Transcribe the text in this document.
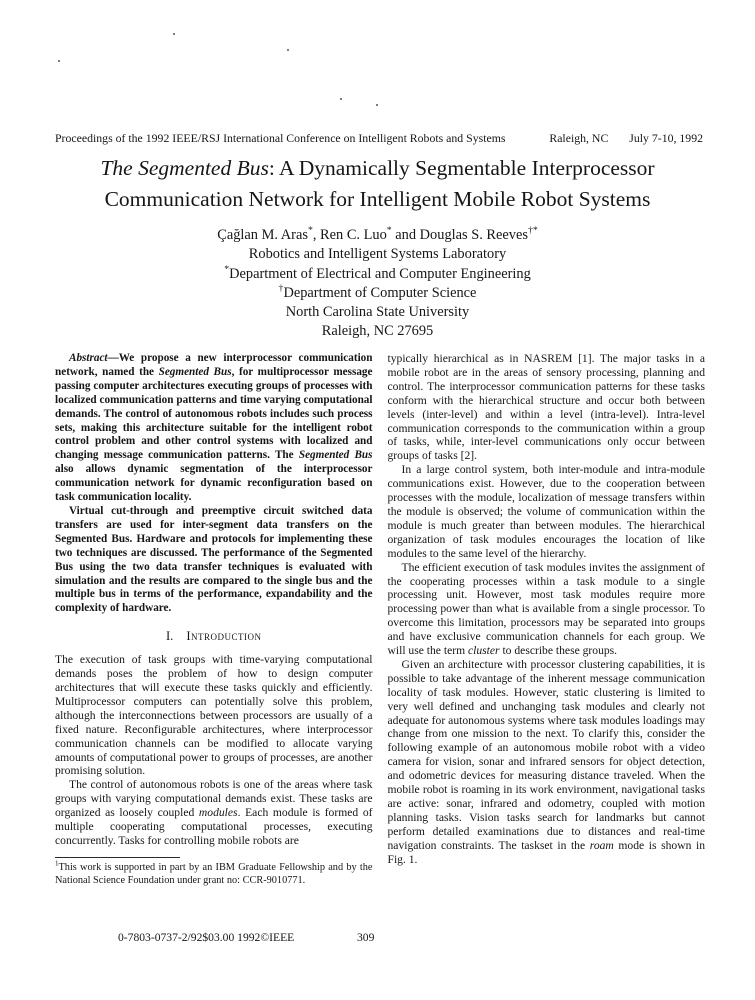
Proceedings of the 1992 IEEE/RSJ International Conference on Intelligent Robots and Systems	Raleigh, NC July 7-10, 1992
The Segmented Bus: A Dynamically Segmentable Interprocessor
Communication Network for Intelligent Mobile Robot Systems
Çağlan M. Aras*, Ren C. Luo* and Douglas S. Reeves†*
Robotics and Intelligent Systems Laboratory
*Department of Electrical and Computer Engineering
†Department of Computer Science
North Carolina State University
Raleigh, NC 27695

Abstract—We propose a new interprocessor communication network, named the Segmented Bus, for multiprocessor message passing computer architectures executing groups of processes with localized communication patterns and time varying computational demands. The control of autonomous robots includes such process sets, making this architecture suitable for the intelligent robot control problem and other control systems with localized and changing message communication patterns. The Segmented Bus also allows dynamic segmentation of the interprocessor communication network for dynamic reconfiguration based on task communication locality.

Virtual cut-through and preemptive circuit switched data transfers are used for inter-segment data transfers on the Segmented Bus. Hardware and protocols for implementing these two techniques are discussed. The performance of the Segmented Bus using the two data transfer techniques is evaluated with simulation and the results are compared to the single bus and the multiple bus in terms of the performance, expandability and the complexity of hardware.

I. Introduction

The execution of task groups with time-varying computational demands poses the problem of how to design computer architectures that will execute these tasks quickly and efficiently. Multiprocessor computers can potentially solve this problem, although the interconnections between processors are usually of a fixed nature. Reconfigurable architectures, where interprocessor communication channels can be modified to allocate varying amounts of computational power to groups of processes, are another promising solution.

The control of autonomous robots is one of the areas where task groups with varying computational demands exist. These tasks are organized as loosely coupled modules. Each module is formed of multiple cooperating computational processes, executing concurrently. Tasks for controlling mobile robots are

$^1$This work is supported in part by an IBM Graduate Fellowship and by the National Science Foundation under grant no: CCR-9010771.

typically hierarchical as in NASREM [1]. The major tasks in a mobile robot are in the areas of sensory processing, planning and control. The interprocessor communication patterns for these tasks conform with the hierarchical structure and occur both between levels (inter-level) and within a level (intra-level). Intra-level communication corresponds to the communication within a group of tasks, while, inter-level communications only occur between groups of tasks [2].

In a large control system, both inter-module and intra-module communications exist. However, due to the cooperation between processes with the module, localization of message transfers within the module is observed; the volume of communication within the module is much greater than between modules. The hierarchical organization of task modules encourages the location of like modules to the same level of the hierarchy.

The efficient execution of task modules invites the assignment of the cooperating processes within a task module to a single processing unit. However, most task modules require more processing power than what is available from a single processor. To overcome this limitation, processors may be separated into groups and have exclusive communication channels for each group. We will use the term cluster to describe these groups.

Given an architecture with processor clustering capabilities, it is possible to take advantage of the inherent message communication locality of task modules. However, static clustering is limited to very well defined and unchanging task modules and clearly not adequate for autonomous systems where task modules loadings may change from one mission to the next. To clarify this, consider the following example of an autonomous mobile robot with a video camera for vision, sonar and infrared sensors for object detection, and odometric devices for measuring distance traveled. When the mobile robot is roaming in its work environment, navigational tasks are active: sonar, infrared and odometry, coupled with motion planning tasks. Vision tasks search for landmarks but cannot perform detailed examinations due to distances and real-time navigation constraints. The taskset in the roam mode is shown in Fig. 1.

0-7803-0737-2/92$03.00 1992©IEEE	309
